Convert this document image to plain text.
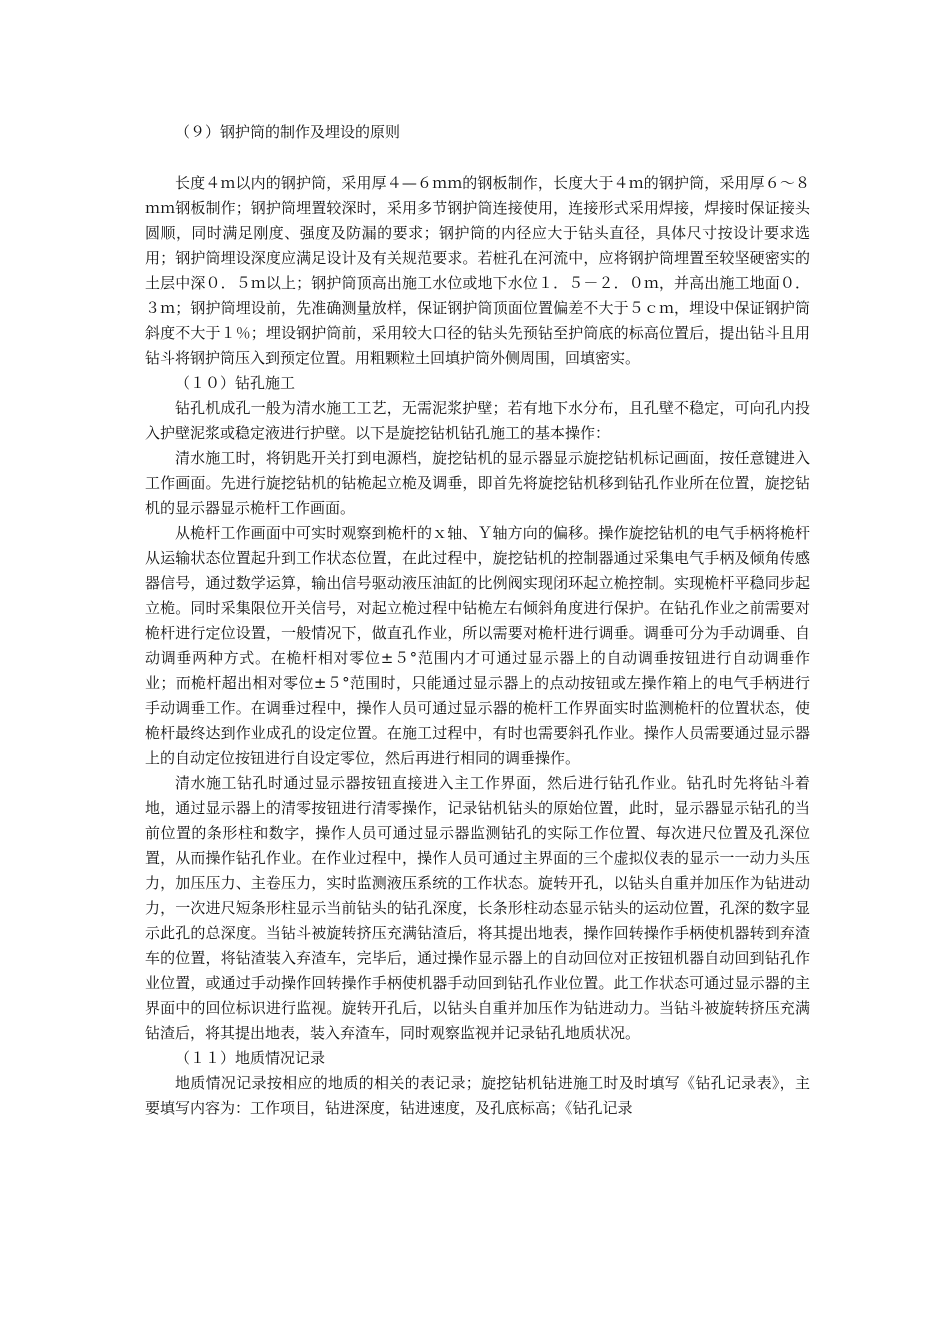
（９）钢护筒的制作及埋设的原则

长度４ｍ以内的钢护筒，采用厚４—６ｍｍ的钢板制作，长度大于４ｍ的钢护筒，采用厚６～８ｍｍ钢板制作；钢护筒埋置较深时，采用多节钢护筒连接使用，连接形式采用焊接，焊接时保证接头圆顺，同时满足刚度、强度及防漏的要求；钢护筒的内径应大于钻头直径，具体尺寸按设计要求选用；钢护筒埋设深度应满足设计及有关规范要求。若桩孔在河流中，应将钢护筒埋置至较坚硬密实的土层中深０．５ｍ以上；钢护筒顶高出施工水位或地下水位１．５－２．０ｍ，并高出施工地面０．３ｍ；钢护筒埋设前，先准确测量放样，保证钢护筒顶面位置偏差不大于５ｃｍ，埋设中保证钢护筒斜度不大于１％；埋设钢护筒前，采用较大口径的钻头先预钻至护筒底的标高位置后，提出钻斗且用钻斗将钢护筒压入到预定位置。用粗颗粒土回填护筒外侧周围，回填密实。

（１０）钻孔施工

钻孔机成孔一般为清水施工工艺，无需泥浆护壁；若有地下水分布，且孔壁不稳定，可向孔内投入护壁泥浆或稳定液进行护壁。以下是旋挖钻机钻孔施工的基本操作：

清水施工时，将钥匙开关打到电源档，旋挖钻机的显示器显示旋挖钻机标记画面，按任意键进入工作画面。先进行旋挖钻机的钻桅起立桅及调垂，即首先将旋挖钻机移到钻孔作业所在位置，旋挖钻机的显示器显示桅杆工作画面。

从桅杆工作画面中可实时观察到桅杆的ｘ轴、Ｙ轴方向的偏移。操作旋挖钻机的电气手柄将桅杆从运输状态位置起升到工作状态位置，在此过程中，旋挖钻机的控制器通过采集电气手柄及倾角传感器信号，通过数学运算，输出信号驱动液压油缸的比例阀实现闭环起立桅控制。实现桅杆平稳同步起立桅。同时采集限位开关信号，对起立桅过程中钻桅左右倾斜角度进行保护。在钻孔作业之前需要对桅杆进行定位设置，一般情况下，做直孔作业，所以需要对桅杆进行调垂。调垂可分为手动调垂、自动调垂两种方式。在桅杆相对零位±５°范围内才可通过显示器上的自动调垂按钮进行自动调垂作业；而桅杆超出相对零位±５°范围时，只能通过显示器上的点动按钮或左操作箱上的电气手柄进行手动调垂工作。在调垂过程中，操作人员可通过显示器的桅杆工作界面实时监测桅杆的位置状态，使桅杆最终达到作业成孔的设定位置。在施工过程中，有时也需要斜孔作业。操作人员需要通过显示器上的自动定位按钮进行自设定零位，然后再进行相同的调垂操作。

清水施工钻孔时通过显示器按钮直接进入主工作界面，然后进行钻孔作业。钻孔时先将钻斗着地，通过显示器上的清零按钮进行清零操作，记录钻机钻头的原始位置，此时，显示器显示钻孔的当前位置的条形柱和数字，操作人员可通过显示器监测钻孔的实际工作位置、每次进尺位置及孔深位置，从而操作钻孔作业。在作业过程中，操作人员可通过主界面的三个虚拟仪表的显示一一动力头压力，加压压力、主卷压力，实时监测液压系统的工作状态。旋转开孔，以钻头自重并加压作为钻进动力，一次进尺短条形柱显示当前钻头的钻孔深度，长条形柱动态显示钻头的运动位置，孔深的数字显示此孔的总深度。当钻斗被旋转挤压充满钻渣后，将其提出地表，操作回转操作手柄使机器转到弃渣车的位置，将钻渣装入弃渣车，完毕后，通过操作显示器上的自动回位对正按钮机器自动回到钻孔作业位置，或通过手动操作回转操作手柄使机器手动回到钻孔作业位置。此工作状态可通过显示器的主界面中的回位标识进行监视。旋转开孔后，以钻头自重并加压作为钻进动力。当钻斗被旋转挤压充满钻渣后，将其提出地表，装入弃渣车，同时观察监视并记录钻孔地质状况。

（１１）地质情况记录

地质情况记录按相应的地质的相关的表记录；旋挖钻机钻进施工时及时填写《钻孔记录表》，主要填写内容为：工作项目，钻进深度，钻进速度，及孔底标高；《钻孔记录
